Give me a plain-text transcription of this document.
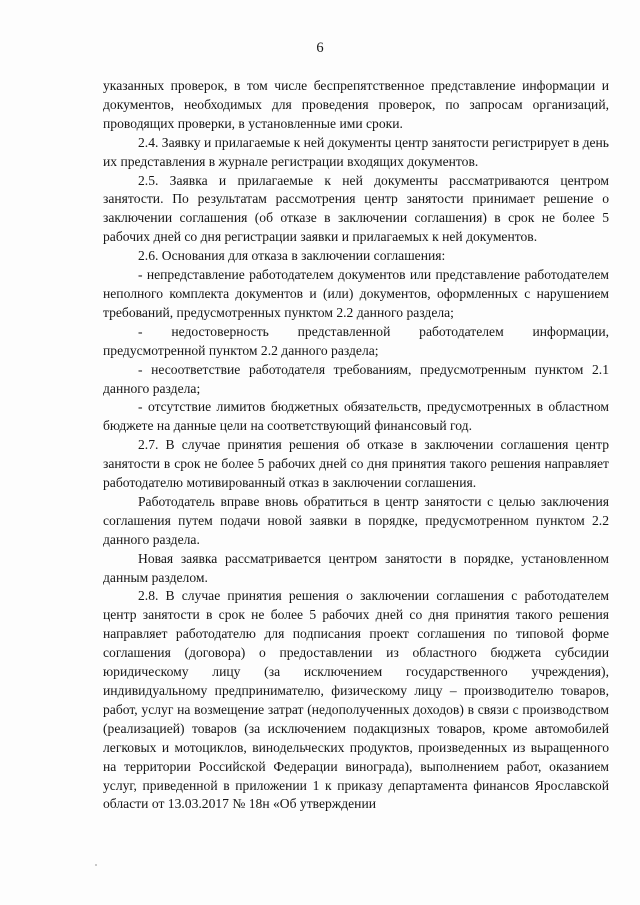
6

указанных проверок, в том числе беспрепятственное представление информации и документов, необходимых для проведения проверок, по запросам организаций, проводящих проверки, в установленные ими сроки.

2.4. Заявку и прилагаемые к ней документы центр занятости регистрирует в день их представления в журнале регистрации входящих документов.

2.5. Заявка и прилагаемые к ней документы рассматриваются центром занятости. По результатам рассмотрения центр занятости принимает решение о заключении соглашения (об отказе в заключении соглашения) в срок не более 5 рабочих дней со дня регистрации заявки и прилагаемых к ней документов.

2.6. Основания для отказа в заключении соглашения:

- непредставление работодателем документов или представление работодателем неполного комплекта документов и (или) документов, оформленных с нарушением требований, предусмотренных пунктом 2.2 данного раздела;

- недостоверность представленной работодателем информации, предусмотренной пунктом 2.2 данного раздела;

- несоответствие работодателя требованиям, предусмотренным пунктом 2.1 данного раздела;

- отсутствие лимитов бюджетных обязательств, предусмотренных в областном бюджете на данные цели на соответствующий финансовый год.

2.7. В случае принятия решения об отказе в заключении соглашения центр занятости в срок не более 5 рабочих дней со дня принятия такого решения направляет работодателю мотивированный отказ в заключении соглашения.

Работодатель вправе вновь обратиться в центр занятости с целью заключения соглашения путем подачи новой заявки в порядке, предусмотренном пунктом 2.2 данного раздела.

Новая заявка рассматривается центром занятости в порядке, установленном данным разделом.

2.8. В случае принятия решения о заключении соглашения с работодателем центр занятости в срок не более 5 рабочих дней со дня принятия такого решения направляет работодателю для подписания проект соглашения по типовой форме соглашения (договора) о предоставлении из областного бюджета субсидии юридическому лицу (за исключением государственного учреждения), индивидуальному предпринимателю, физическому лицу – производителю товаров, работ, услуг на возмещение затрат (недополученных доходов) в связи с производством (реализацией) товаров (за исключением подакцизных товаров, кроме автомобилей легковых и мотоциклов, винодельческих продуктов, произведенных из выращенного на территории Российской Федерации винограда), выполнением работ, оказанием услуг, приведенной в приложении 1 к приказу департамента финансов Ярославской области от 13.03.2017 № 18н «Об утверждении
